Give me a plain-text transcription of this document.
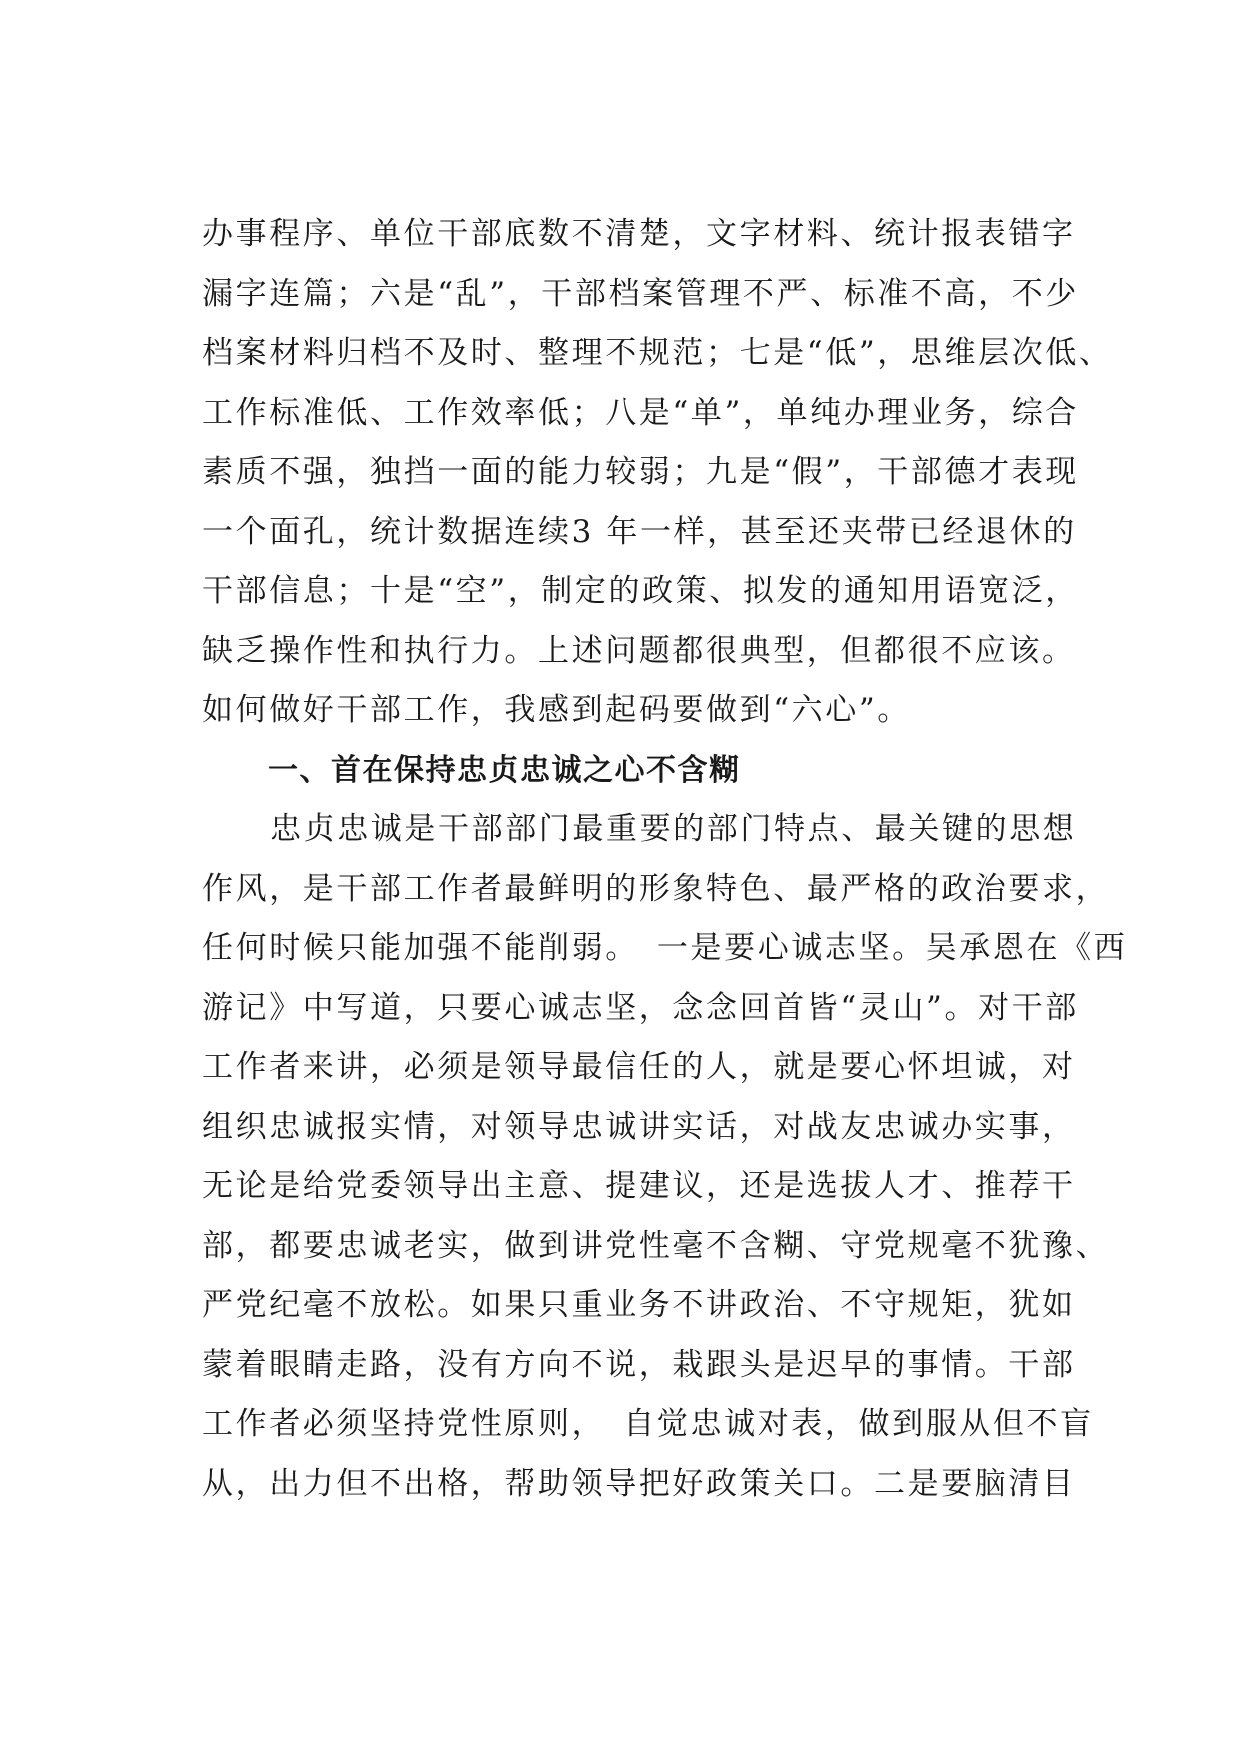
办事程序、单位干部底数不清楚，文字材料、统计报表错字
漏字连篇；六是“乱”，干部档案管理不严、标准不高，不少
档案材料归档不及时、整理不规范；七是“低”，思维层次低、
工作标准低、工作效率低；八是“单”，单纯办理业务，综合
素质不强，独挡一面的能力较弱；九是“假”，干部德才表现
一个面孔，统计数据连续3 年一样，甚至还夹带已经退休的
干部信息；十是“空”，制定的政策、拟发的通知用语宽泛，
缺乏操作性和执行力。上述问题都很典型，但都很不应该。
如何做好干部工作，我感到起码要做到“六心”。
一、首在保持忠贞忠诚之心不含糊
忠贞忠诚是干部部门最重要的部门特点、最关键的思想
作风，是干部工作者最鲜明的形象特色、最严格的政治要求，
任何时候只能加强不能削弱。　一是要心诚志坚。吴承恩在《西
游记》中写道，只要心诚志坚，念念回首皆“灵山”。对干部
工作者来讲，必须是领导最信任的人，就是要心怀坦诚，对
组织忠诚报实情，对领导忠诚讲实话，对战友忠诚办实事，
无论是给党委领导出主意、提建议，还是选拔人才、推荐干
部，都要忠诚老实，做到讲党性毫不含糊、守党规毫不犹豫、
严党纪毫不放松。如果只重业务不讲政治、不守规矩，犹如
蒙着眼睛走路，没有方向不说，栽跟头是迟早的事情。干部
工作者必须坚持党性原则，　自觉忠诚对表，做到服从但不盲
从，出力但不出格，帮助领导把好政策关口。二是要脑清目
